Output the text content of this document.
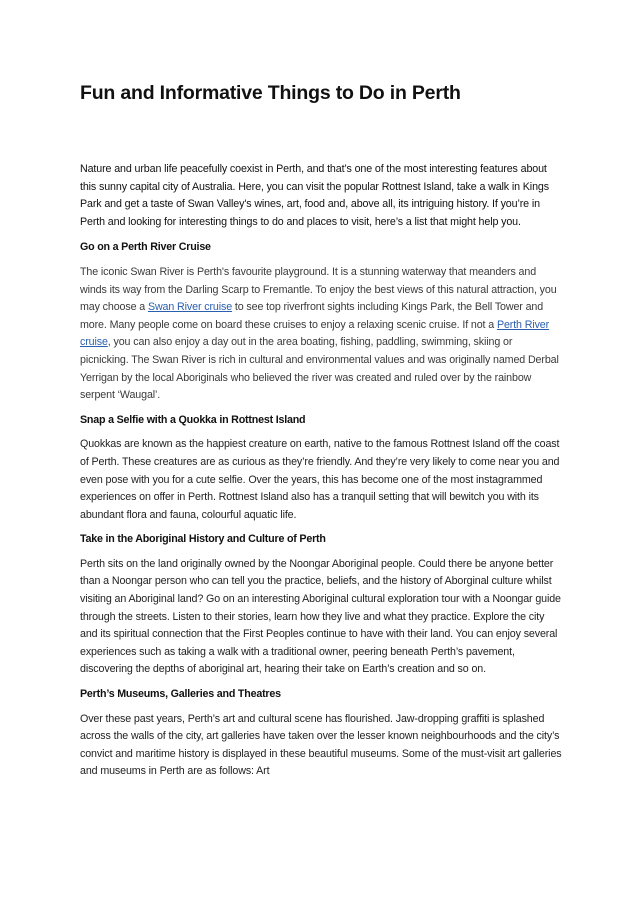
Fun and Informative Things to Do in Perth

Nature and urban life peacefully coexist in Perth, and that’s one of the most interesting features about this sunny capital city of Australia. Here, you can visit the popular Rottnest Island, take a walk in Kings Park and get a taste of Swan Valley's wines, art, food and, above all, its intriguing history. If you’re in Perth and looking for interesting things to do and places to visit, here’s a list that might help you.

Go on a Perth River Cruise

The iconic Swan River is Perth's favourite playground. It is a stunning waterway that meanders and winds its way from the Darling Scarp to Fremantle. To enjoy the best views of this natural attraction, you may choose a Swan River cruise to see top riverfront sights including Kings Park, the Bell Tower and more. Many people come on board these cruises to enjoy a relaxing scenic cruise. If not a Perth River cruise, you can also enjoy a day out in the area boating, fishing, paddling, swimming, skiing or picnicking. The Swan River is rich in cultural and environmental values and was originally named Derbal Yerrigan by the local Aboriginals who believed the river was created and ruled over by the rainbow serpent ‘Waugal’.

Snap a Selfie with a Quokka in Rottnest Island

Quokkas are known as the happiest creature on earth, native to the famous Rottnest Island off the coast of Perth. These creatures are as curious as they’re friendly. And they’re very likely to come near you and even pose with you for a cute selfie. Over the years, this has become one of the most instagrammed experiences on offer in Perth. Rottnest Island also has a tranquil setting that will bewitch you with its abundant flora and fauna, colourful aquatic life.

Take in the Aboriginal History and Culture of Perth

Perth sits on the land originally owned by the Noongar Aboriginal people. Could there be anyone better than a Noongar person who can tell you the practice, beliefs, and the history of Aborginal culture whilst visiting an Aboriginal land? Go on an interesting Aboriginal cultural exploration tour with a Noongar guide through the streets. Listen to their stories, learn how they live and what they practice. Explore the city and its spiritual connection that the First Peoples continue to have with their land. You can enjoy several experiences such as taking a walk with a traditional owner, peering beneath Perth’s pavement, discovering the depths of aboriginal art, hearing their take on Earth’s creation and so on.

Perth’s Museums, Galleries and Theatres

Over these past years, Perth’s art and cultural scene has flourished. Jaw-dropping graffiti is splashed across the walls of the city, art galleries have taken over the lesser known neighbourhoods and the city’s convict and maritime history is displayed in these beautiful museums. Some of the must-visit art galleries and museums in Perth are as follows: Art
